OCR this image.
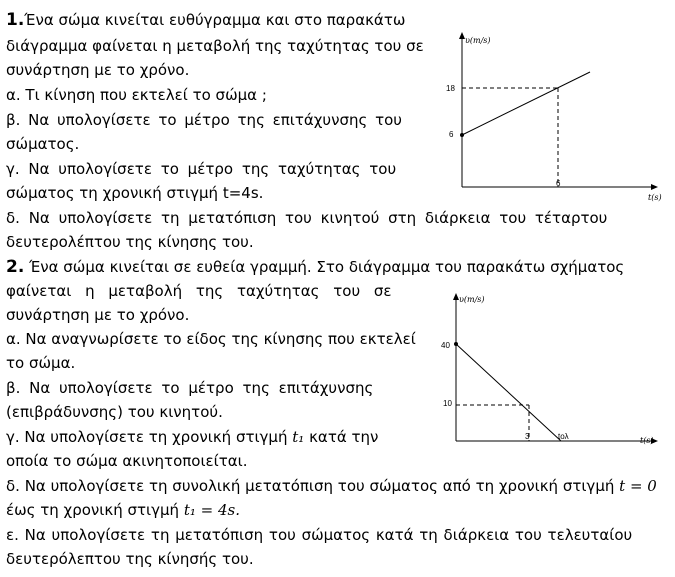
1.Ένα σώμα κινείται ευθύγραμμα και στο παρακάτω
διάγραμμα φαίνεται η μεταβολή της ταχύτητας του σε
συνάρτηση με το χρόνο.
α. Τι κίνηση που εκτελεί το σώμα ;
β. Να υπολογίσετε το μέτρο της επιτάχυνσης του
σώματος.
γ. Να υπολογίσετε το μέτρο της ταχύτητας του
σώματος τη χρονική στιγμή t=4s.
δ. Να υπολογίσετε τη μετατόπιση του κινητού στη διάρκεια του τέταρτου
δευτερολέπτου της κίνησης του.
υ(m/s)
t(s)
18
6
6
2. Ένα σώμα κινείται σε ευθεία γραμμή. Στο διάγραμμα του παρακάτω σχήματος
φαίνεται η μεταβολή της ταχύτητας του σε
συνάρτηση με το χρόνο.
α. Να αναγνωρίσετε το είδος της κίνησης που εκτελεί
το σώμα.
β. Να υπολογίσετε το μέτρο της επιτάχυνσης
(επιβράδυνσης) του κινητού.
γ. Να υπολογίσετε τη χρονική στιγμή t₁ κατά την
οποία το σώμα ακινητοποιείται.
δ. Να υπολογίσετε τη συνολική μετατόπιση του σώματος από τη χρονική στιγμή t = 0
έως τη χρονική στιγμή t₁ = 4s.
ε. Να υπολογίσετε τη μετατόπιση του σώματος κατά τη διάρκεια του τελευταίου
δευτερόλεπτου της κίνησής του.
υ(m/s)
t(s)
40
10
3	toλ
